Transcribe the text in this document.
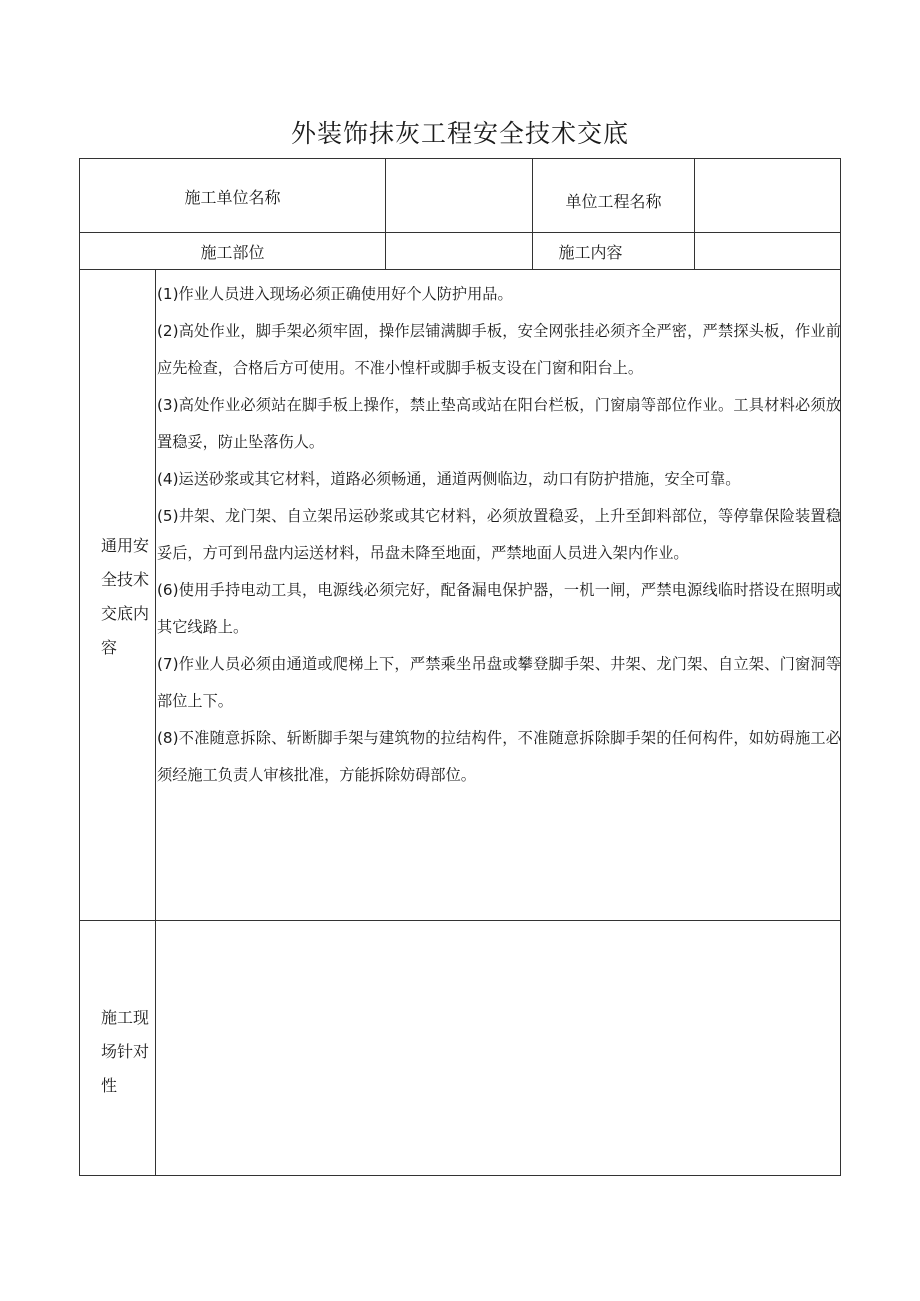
外装饰抹灰工程安全技术交底
施工单位名称	单位工程名称
施工部位	施工内容
通用安全技术交底内容

(1)作业人员进入现场必须正确使用好个人防护用品。

(2)高处作业，脚手架必须牢固，操作层铺满脚手板，安全网张挂必须齐全严密，严禁探头板，作业前应先检查，合格后方可使用。不准小惶杆或脚手板支设在门窗和阳台上。

(3)高处作业必须站在脚手板上操作，禁止垫高或站在阳台栏板，门窗扇等部位作业。工具材料必须放置稳妥，防止坠落伤人。

(4)运送砂浆或其它材料，道路必须畅通，通道两侧临边，动口有防护措施，安全可靠。

(5)井架、龙门架、自立架吊运砂浆或其它材料，必须放置稳妥，上升至卸料部位，等停靠保险装置稳妥后，方可到吊盘内运送材料，吊盘未降至地面，严禁地面人员进入架内作业。

(6)使用手持电动工具，电源线必须完好，配备漏电保护器，一机一闸，严禁电源线临时搭设在照明或其它线路上。

(7)作业人员必须由通道或爬梯上下，严禁乘坐吊盘或攀登脚手架、井架、龙门架、自立架、门窗洞等部位上下。

(8)不准随意拆除、斩断脚手架与建筑物的拉结构件，不准随意拆除脚手架的任何构件，如妨碍施工必须经施工负责人审核批准，方能拆除妨碍部位。

施工现场针对性
